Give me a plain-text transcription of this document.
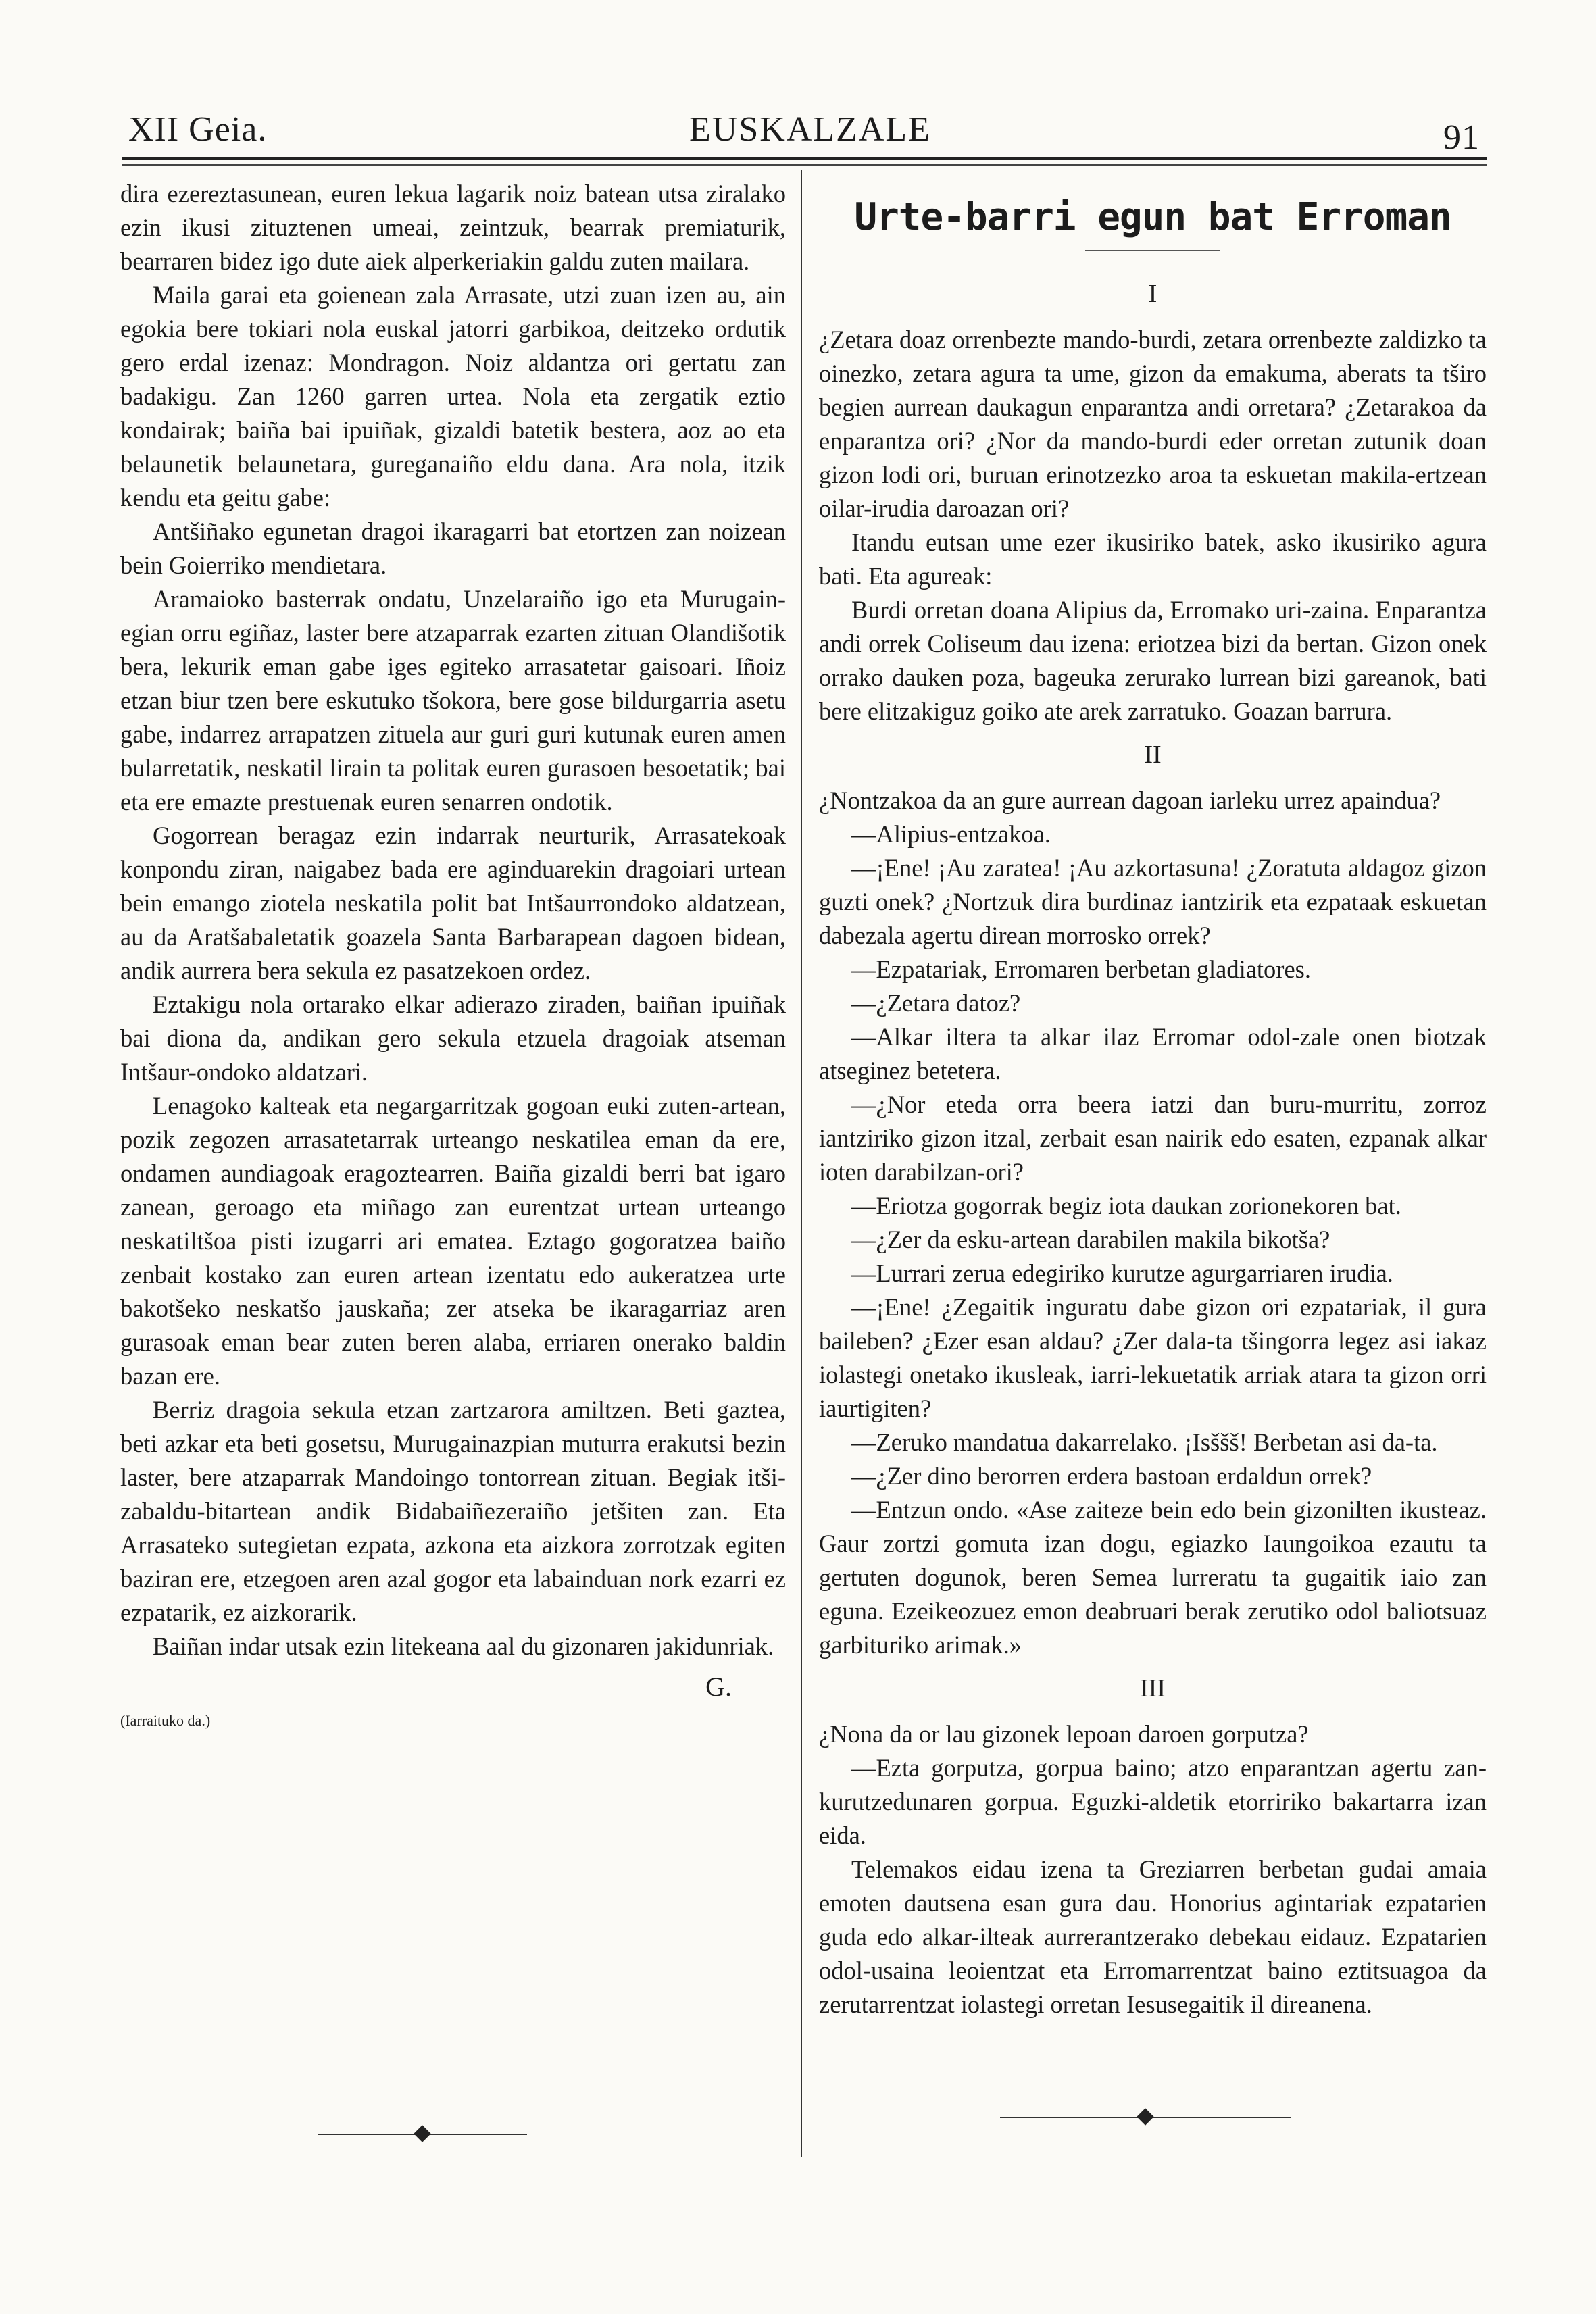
XII Geia.	EUSKALZALE	91

dira ezereztasunean, euren lekua lagarik noiz batean utsa ziralako ezin ikusi zituztenen umeai, zeintzuk, bearrak premiaturik, bearraren bidez igo dute aiek alperkeriakin galdu zuten mailara.

Maila garai eta goienean zala Arrasate, utzi zuan izen au, ain egokia bere tokiari nola euskal jatorri garbikoa, deitzeko ordutik gero erdal izenaz: Mondragon. Noiz aldantza ori gertatu zan badakigu. Zan 1260 garren urtea. Nola eta zergatik eztio kondairak; baiña bai ipuiñak, gizaldi batetik bestera, aoz ao eta belaunetik belaunetara, gureganaiño eldu dana. Ara nola, itzik kendu eta geitu gabe:

Antšiñako egunetan dragoi ikaragarri bat etortzen zan noizean bein Goierriko mendietara.

Aramaioko basterrak ondatu, Unzelaraiño igo eta Murugain-egian orru egiñaz, laster bere atzaparrak ezarten zituan Olandišotik bera, lekurik eman gabe iges egiteko arrasatetar gaisoari. Iñoiz etzan biur tzen bere eskutuko tšokora, bere gose bildurgarria asetu gabe, indarrez arrapatzen zituela aur guri guri kutunak euren amen bularretatik, neskatil lirain ta politak euren gurasoen besoetatik; bai eta ere emaztе prestuenak euren senarren ondotik.

Gogorrean beragaz ezin indarrak neurturik, Arrasatekoak konpondu ziran, naigabez bada ere aginduarekin dragoiari urtean bein emango ziotela neskatila polit bat Intšaurrondoko aldatzean, au da Aratšabaletatik goazela Santa Barbarapean dagoen bidean, andik aurrera bera sekula ez pasatzekoen ordez.

Eztakigu nola ortarako elkar adierazo ziraden, baiñan ipuiñak bai diona da, andikan gero sekula etzuela dragoiak atseman Intšaur-ondoko aldatzari.

Lenagoko kalteak eta negargarritzak gogoan euki zuten-artean, pozik zegozen arrasatetarrak urteango neskatilea eman da ere, ondamen aundiagoak eragoztearren. Baiña gizaldi berri bat igaro zanean, geroago eta miñago zan eurentzat urtean urteango neskatiltšoa pisti izugarri ari ematea. Eztago gogoratzea baiño zenbait kostako zan euren artean izentatu edo aukeratzea urte bakotšeko neskatšo jauskaña; zer atseka be ikaragarriaz aren gurasoak eman bear zuten beren alaba, erriaren onerako baldin bazan ere.

Berriz dragoia sekula etzan zartzarora amiltzen. Beti gaztea, beti azkar eta beti gosetsu, Murugainazpian muturra erakutsi bezin laster, bere atzaparrak Mandoingo tontorrean zituan. Begiak itši-zabaldu-bitartean andik Bidabaiñezeraiño jetšiten zan. Eta Arrasateko sutegietan ezpata, azkona eta aizkora zorrotzak egiten baziran ere, etzegoen aren azal gogor eta labainduan nork ezarri ez ezpatarik, ez aizkorarik.

Baiñan indar utsak ezin litekeana aal du gizonaren jakidunriak.

G.

(Iarraituko da.)

Urte-barri egun bat Erroman
I

¿Zetara doaz orrenbezte mando-burdi, zetara orrenbezte zaldizko ta oinezko, zetara agura ta ume, gizon da emakuma, aberats ta tširo begien aurrean daukagun enparantza andi orretara? ¿Zetarakoa da enparantza ori? ¿Nor da mando-burdi eder orretan zutunik doan gizon lodi ori, buruan erinotzezko aroa ta eskuetan makila-ertzean oilar-irudia daroazan ori?

Itandu eutsan ume ezer ikusiriko batek, asko ikusiriko agura bati. Eta agureak:

Burdi orretan doana Alipius da, Erromako uri-zaina. Enparantza andi orrek Coliseum dau izena: eriotzea bizi da bertan. Gizon onek orrako dauken poza, bageuka zerurako lurrean bizi gareanok, bati bere elitzakiguz goiko ate arek zarratuko. Goazan barrura.

II

¿Nontzakoa da an gure aurrean dagoan iarleku urrez apaindua?

—Alipius-entzakoa.

—¡Ene! ¡Au zaratea! ¡Au azkortasuna! ¿Zoratuta aldagoz gizon guzti onek? ¿Nortzuk dira burdinaz iantzirik eta ezpataak eskuetan dabezala agertu direan morrosko orrek?

—Ezpatariak, Erromaren berbetan gladiatores.

—¿Zetara datoz?

—Alkar iltera ta alkar ilaz Erromar odol-zale onen biotzak atseginez betetera.

—¿Nor eteda orra beera iatzi dan buru-murritu, zorroz iantziriko gizon itzal, zerbait esan nairik edo esaten, ezpanak alkar ioten darabilzan-ori?

—Eriotza gogorrak begiz iota daukan zorionekoren bat.

—¿Zer da esku-artean darabilen makila bikotša?

—Lurrari zerua edegiriko kurutze agurgarriaren irudia.

—¡Ene! ¿Zegaitik inguratu dabe gizon ori ezpatariak, il gura baileben? ¿Ezer esan aldau? ¿Zer dala-ta tšingorra legez asi iakaz iolastegi onetako ikusleak, iarri-lekuetatik arriak atara ta gizon orri iaurtigiten?

—Zeruko mandatua dakarrelako. ¡Isššš! Berbetan asi da-ta.

—¿Zer dino berorren erdera bastoan erdaldun orrek?

—Entzun ondo. «Ase zaiteze bein edo bein gizonilten ikusteaz. Gaur zortzi gomuta izan dogu, egiazko Iaungoikoa ezautu ta gertuten dogunok, beren Semea lurreratu ta gugaitik iaio zan eguna. Ezeikeozuez emon deabruari berak zerutiko odol baliotsuaz garbituriko arimak.»

III

¿Nona da or lau gizonek lepoan daroen gorputza?

—Ezta gorputza, gorpua baino; atzo enparantzan agertu zan-kurutzedunaren gorpua. Eguzki-aldetik etorririko bakartarra izan eida.

Telemakos eidau izena ta Greziarren berbetan gudai amaia emoten dautsena esan gura dau. Honorius agintariak ezpatarien guda edo alkar-ilteak aurrerantzerako debekau eidauz. Ezpatarien odol-usaina leoientzat eta Erromarrentzat baino eztitsuagoa da zerutarrentzat iolastegi orretan Iesusegaitik il direanena.
